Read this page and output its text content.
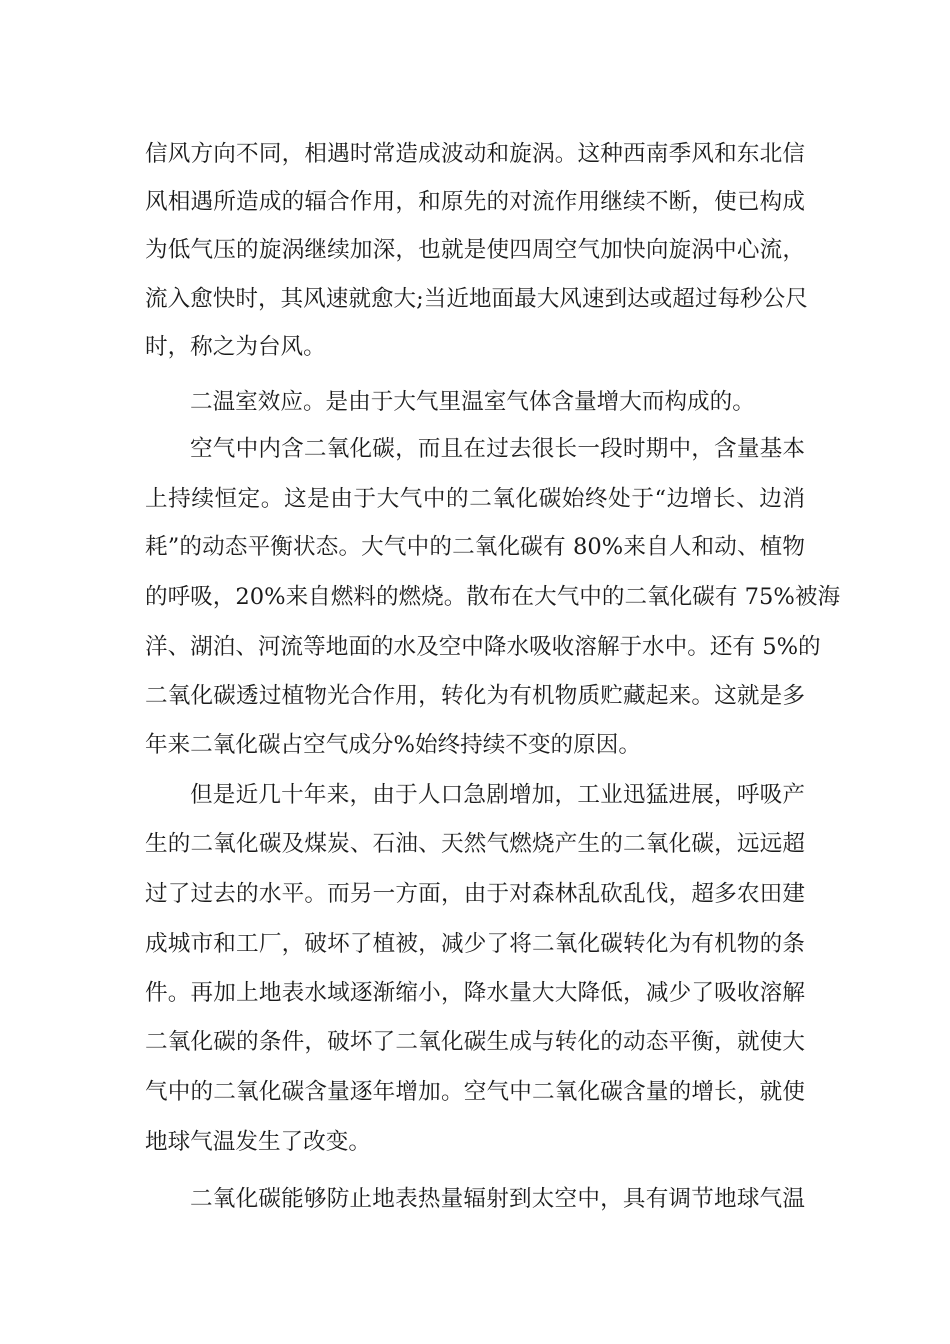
信风方向不同，相遇时常造成波动和旋涡。这种西南季风和东北信
风相遇所造成的辐合作用，和原先的对流作用继续不断，使已构成
为低气压的旋涡继续加深，也就是使四周空气加快向旋涡中心流，
流入愈快时，其风速就愈大;当近地面最大风速到达或超过每秒公尺
时，称之为台风。
二温室效应。是由于大气里温室气体含量增大而构成的。
空气中内含二氧化碳，而且在过去很长一段时期中，含量基本
上持续恒定。这是由于大气中的二氧化碳始终处于“边增长、边消
耗”的动态平衡状态。大气中的二氧化碳有 80%来自人和动、植物
的呼吸，20%来自燃料的燃烧。散布在大气中的二氧化碳有 75%被海
洋、湖泊、河流等地面的水及空中降水吸收溶解于水中。还有 5%的
二氧化碳透过植物光合作用，转化为有机物质贮藏起来。这就是多
年来二氧化碳占空气成分%始终持续不变的原因。
但是近几十年来，由于人口急剧增加，工业迅猛进展，呼吸产
生的二氧化碳及煤炭、石油、天然气燃烧产生的二氧化碳，远远超
过了过去的水平。而另一方面，由于对森林乱砍乱伐，超多农田建
成城市和工厂，破坏了植被，减少了将二氧化碳转化为有机物的条
件。再加上地表水域逐渐缩小，降水量大大降低，减少了吸收溶解
二氧化碳的条件，破坏了二氧化碳生成与转化的动态平衡，就使大
气中的二氧化碳含量逐年增加。空气中二氧化碳含量的增长，就使
地球气温发生了改变。
二氧化碳能够防止地表热量辐射到太空中，具有调节地球气温
